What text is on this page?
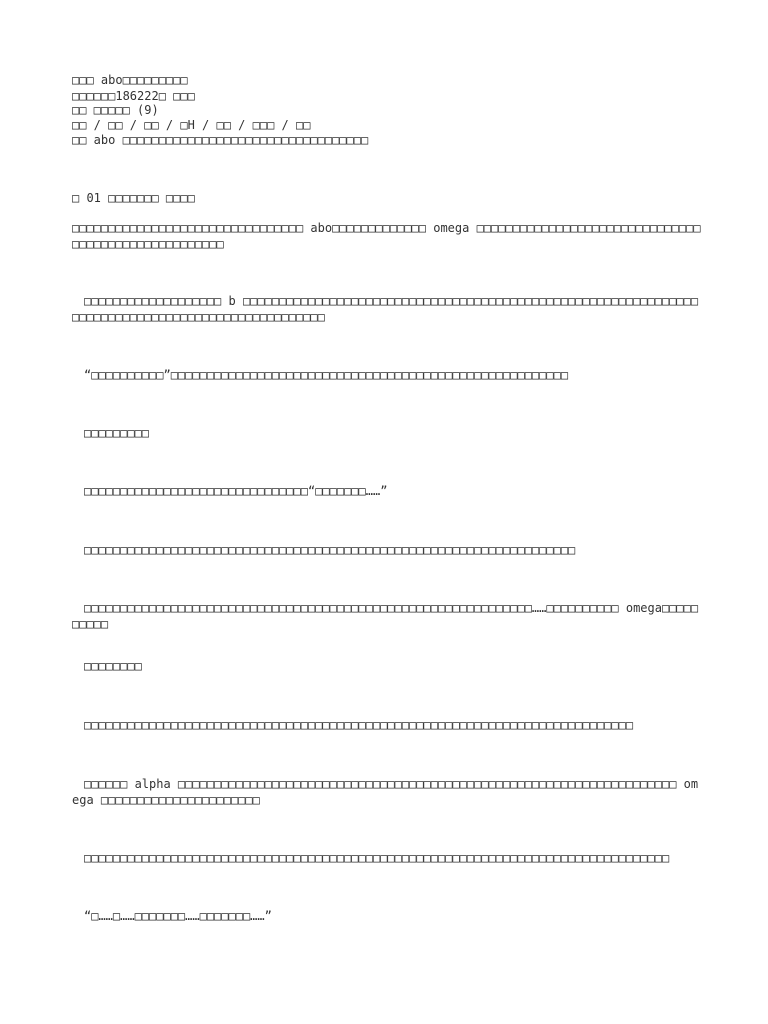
□□□ abo□□□□□□□□□
□□□□□□186222□ □□□
□□ □□□□□ (9)
□□ / □□ / □□ / □H / □□ / □□□ / □□
□□ abo □□□□□□□□□□□□□□□□□□□□□□□□□□□□□□□□□□
□ 01 □□□□□□□ □□□□
□□□□□□□□□□□□□□□□□□□□□□□□□□□□□□□□ abo□□□□□□□□□□□□□ omega □□□□□□□□□□□□□□□□□□□□□□□□□□□□□□□□□□□□□□□□□□□□□□□□□□□□
□□□□□□□□□□□□□□□□□□□ b □□□□□□□□□□□□□□□□□□□□□□□□□□□□□□□□□□□□□□□□□□□□□□□□□□□□□□□□□□□□□□□□□□□□□□□□□□□□□□□□□□□□□□□□□□□□□□□□□□
“□□□□□□□□□□”□□□□□□□□□□□□□□□□□□□□□□□□□□□□□□□□□□□□□□□□□□□□□□□□□□□□□□□
□□□□□□□□□
□□□□□□□□□□□□□□□□□□□□□□□□□□□□□□□“□□□□□□□……”
□□□□□□□□□□□□□□□□□□□□□□□□□□□□□□□□□□□□□□□□□□□□□□□□□□□□□□□□□□□□□□□□□□□□
□□□□□□□□□□□□□□□□□□□□□□□□□□□□□□□□□□□□□□□□□□□□□□□□□□□□□□□□□□□□□□……□□□□□□□□□□ omega□□□□□□□□□□
□□□□□□□□
□□□□□□□□□□□□□□□□□□□□□□□□□□□□□□□□□□□□□□□□□□□□□□□□□□□□□□□□□□□□□□□□□□□□□□□□□□□□
□□□□□□ alpha □□□□□□□□□□□□□□□□□□□□□□□□□□□□□□□□□□□□□□□□□□□□□□□□□□□□□□□□□□□□□□□□□□□□□ omega □□□□□□□□□□□□□□□□□□□□□□
□□□□□□□□□□□□□□□□□□□□□□□□□□□□□□□□□□□□□□□□□□□□□□□□□□□□□□□□□□□□□□□□□□□□□□□□□□□□□□□□□
“□……□……□□□□□□□……□□□□□□□……”
